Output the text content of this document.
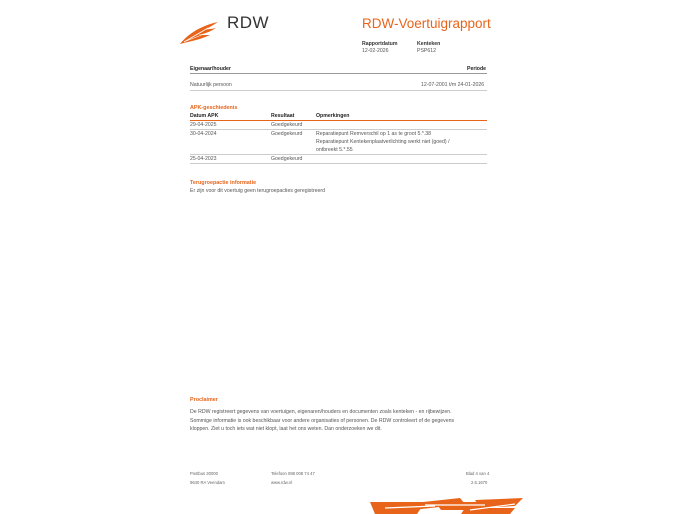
RDW	RDW-Voertuigrapport
Rapportdatum
12-02-2026
Kenteken
PSP612
Eigenaar/houder	Periode
Natuurlijk persoon	12-07-2001 t/m 24-01-2026
APK-geschiedenis
Datum APK	Resultaat	Opmerkingen
29-04-2025	Goedgekeurd
30-04-2024	Goedgekeurd	Reparatiepunt Remverschil op 1 as te groot 5.*.38
Reparatiepunt Kentekenplaatverlichting werkt niet (goed) /
ontbreekt 5.*.55
25-04-2023	Goedgekeurd
Terugroepactie informatie
Er zijn voor dit voertuig geen terugroepacties geregistreerd
Proclaimer
De RDW registreert gegevens van voertuigen, eigenaren/houders en documenten zoals kenteken - en rijbewijzen.
Sommige informatie is ook beschikbaar voor andere organisaties of personen. De RDW controleert of de gegevens
kloppen. Ziet u toch iets wat niet klopt, laat het ons weten. Dan onderzoeken we dit.
Postbus 30000
9640 RA Veendam
Telefoon 088 008 74 47
www.rdw.nl
Blad 4 van 4
2.6.1670
